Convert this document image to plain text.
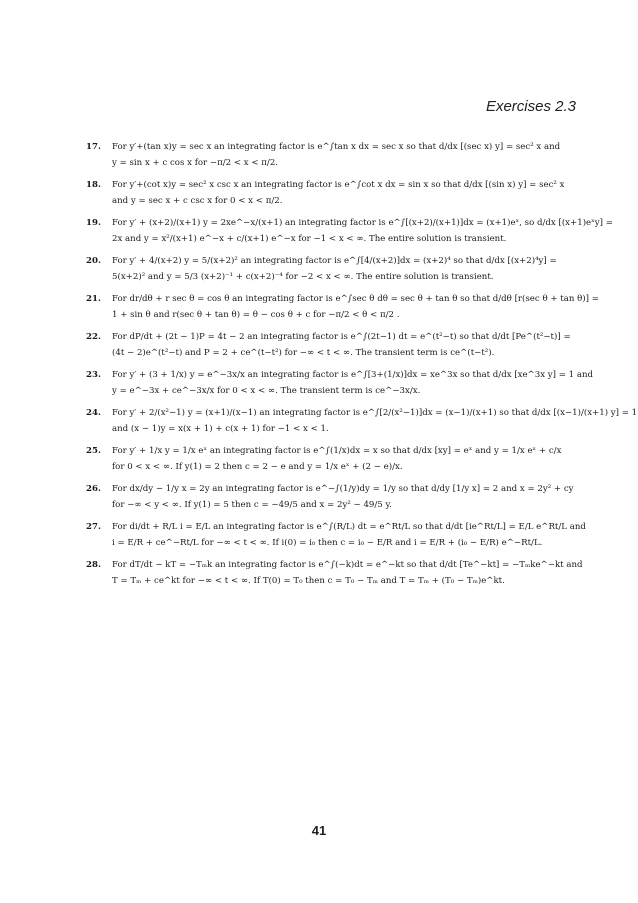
Exercises 2.3
17.	For y′+(tan x)y = sec x an integrating factor is e^∫tan x dx = sec x so that d/dx [(sec x) y] = sec² x and
y = sin x + c cos x for −π/2 < x < π/2.
18.	For y′+(cot x)y = sec² x csc x an integrating factor is e^∫cot x dx = sin x so that d/dx [(sin x) y] = sec² x
and y = sec x + c csc x for 0 < x < π/2.
19.	For y′ + (x+2)/(x+1) y = 2xe^−x/(x+1) an integrating factor is e^∫[(x+2)/(x+1)]dx = (x+1)eˣ, so d/dx [(x+1)eˣy] =
2x and y = x²/(x+1) e^−x + c/(x+1) e^−x for −1 < x < ∞. The entire solution is transient.
20.	For y′ + 4/(x+2) y = 5/(x+2)² an integrating factor is e^∫[4/(x+2)]dx = (x+2)⁴ so that d/dx [(x+2)⁴y] =
5(x+2)² and y = 5/3 (x+2)⁻¹ + c(x+2)⁻⁴ for −2 < x < ∞. The entire solution is transient.
21.	For dr/dθ + r sec θ = cos θ an integrating factor is e^∫sec θ dθ = sec θ + tan θ so that d/dθ [r(sec θ + tan θ)] =
1 + sin θ and r(sec θ + tan θ) = θ − cos θ + c for −π/2 < θ < π/2 .
22.	For dP/dt + (2t − 1)P = 4t − 2 an integrating factor is e^∫(2t−1) dt = e^(t²−t) so that d/dt [Pe^(t²−t)] =
(4t − 2)e^(t²−t) and P = 2 + ce^(t−t²) for −∞ < t < ∞. The transient term is ce^(t−t²).
23.	For y′ + (3 + 1/x) y = e^−3x/x an integrating factor is e^∫[3+(1/x)]dx = xe^3x so that d/dx [xe^3x y] = 1 and
y = e^−3x + ce^−3x/x for 0 < x < ∞. The transient term is ce^−3x/x.
24.	For y′ + 2/(x²−1) y = (x+1)/(x−1) an integrating factor is e^∫[2/(x²−1)]dx = (x−1)/(x+1) so that d/dx [(x−1)/(x+1) y] = 1
and (x − 1)y = x(x + 1) + c(x + 1) for −1 < x < 1.
25.	For y′ + 1/x y = 1/x eˣ an integrating factor is e^∫(1/x)dx = x so that d/dx [xy] = eˣ and y = 1/x eˣ + c/x
for 0 < x < ∞. If y(1) = 2 then c = 2 − e and y = 1/x eˣ + (2 − e)/x.
26.	For dx/dy − 1/y x = 2y an integrating factor is e^−∫(1/y)dy = 1/y so that d/dy [1/y x] = 2 and x = 2y² + cy
for −∞ < y < ∞. If y(1) = 5 then c = −49/5 and x = 2y² − 49/5 y.
27.	For di/dt + R/L i = E/L an integrating factor is e^∫(R/L) dt = e^Rt/L so that d/dt [ie^Rt/L] = E/L e^Rt/L and
i = E/R + ce^−Rt/L for −∞ < t < ∞. If i(0) = i₀ then c = i₀ − E/R and i = E/R + (i₀ − E/R) e^−Rt/L.
28.	For dT/dt − kT = −Tₘk an integrating factor is e^∫(−k)dt = e^−kt so that d/dt [Te^−kt] = −Tₘke^−kt and
T = Tₘ + ce^kt for −∞ < t < ∞. If T(0) = T₀ then c = T₀ − Tₘ and T = Tₘ + (T₀ − Tₘ)e^kt.
41
